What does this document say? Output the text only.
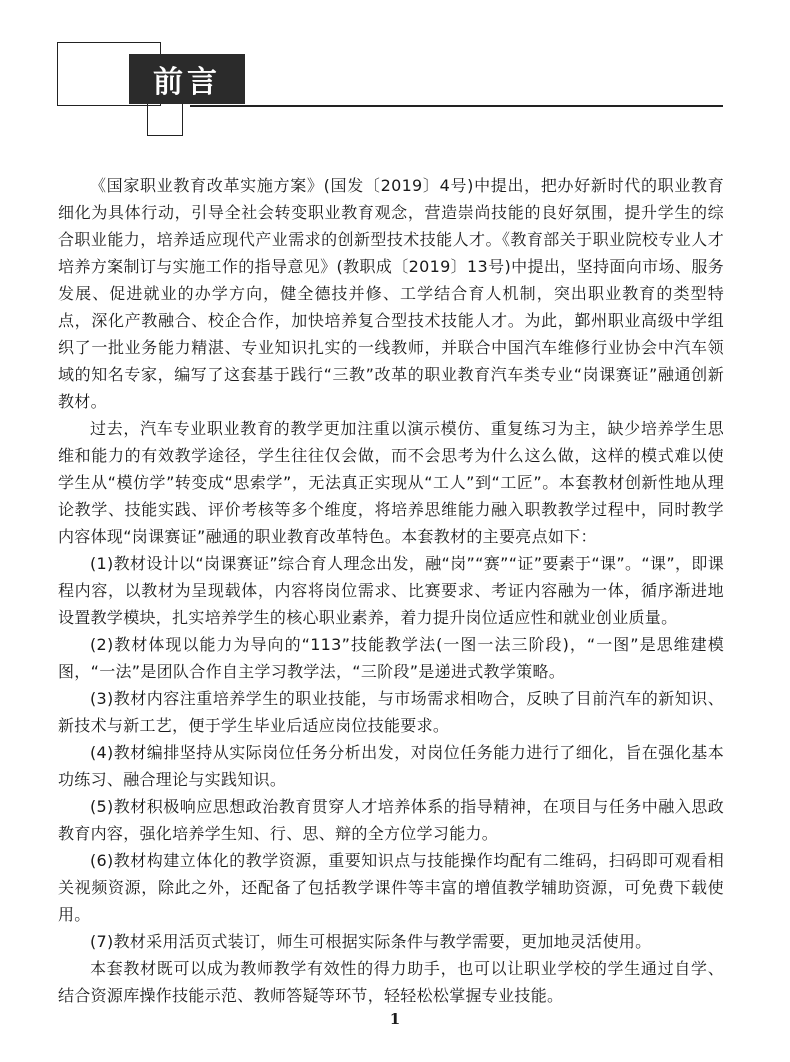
前言

《国家职业教育改革实施方案》(国发〔2019〕4号)中提出，把办好新时代的职业教育细化为具体行动，引导全社会转变职业教育观念，营造崇尚技能的良好氛围，提升学生的综合职业能力，培养适应现代产业需求的创新型技术技能人才。《教育部关于职业院校专业人才培养方案制订与实施工作的指导意见》(教职成〔2019〕13号)中提出，坚持面向市场、服务发展、促进就业的办学方向，健全德技并修、工学结合育人机制，突出职业教育的类型特点，深化产教融合、校企合作，加快培养复合型技术技能人才。为此，鄞州职业高级中学组织了一批业务能力精湛、专业知识扎实的一线教师，并联合中国汽车维修行业协会中汽车领域的知名专家，编写了这套基于践行“三教”改革的职业教育汽车类专业“岗课赛证”融通创新教材。

过去，汽车专业职业教育的教学更加注重以演示模仿、重复练习为主，缺少培养学生思维和能力的有效教学途径，学生往往仅会做，而不会思考为什么这么做，这样的模式难以使学生从“模仿学”转变成“思索学”，无法真正实现从“工人”到“工匠”。本套教材创新性地从理论教学、技能实践、评价考核等多个维度，将培养思维能力融入职教教学过程中，同时教学内容体现“岗课赛证”融通的职业教育改革特色。本套教材的主要亮点如下：

(1)教材设计以“岗课赛证”综合育人理念出发，融“岗”“赛”“证”要素于“课”。“课”，即课程内容，以教材为呈现载体，内容将岗位需求、比赛要求、考证内容融为一体，循序渐进地设置教学模块，扎实培养学生的核心职业素养，着力提升岗位适应性和就业创业质量。

(2)教材体现以能力为导向的“113”技能教学法(一图一法三阶段)，“一图”是思维建模图，“一法”是团队合作自主学习教学法，“三阶段”是递进式教学策略。

(3)教材内容注重培养学生的职业技能，与市场需求相吻合，反映了目前汽车的新知识、新技术与新工艺，便于学生毕业后适应岗位技能要求。

(4)教材编排坚持从实际岗位任务分析出发，对岗位任务能力进行了细化，旨在强化基本功练习、融合理论与实践知识。

(5)教材积极响应思想政治教育贯穿人才培养体系的指导精神，在项目与任务中融入思政教育内容，强化培养学生知、行、思、辩的全方位学习能力。

(6)教材构建立体化的教学资源，重要知识点与技能操作均配有二维码，扫码即可观看相关视频资源，除此之外，还配备了包括教学课件等丰富的增值教学辅助资源，可免费下载使用。

(7)教材采用活页式装订，师生可根据实际条件与教学需要，更加地灵活使用。

本套教材既可以成为教师教学有效性的得力助手，也可以让职业学校的学生通过自学、结合资源库操作技能示范、教师答疑等环节，轻轻松松掌握专业技能。

1
